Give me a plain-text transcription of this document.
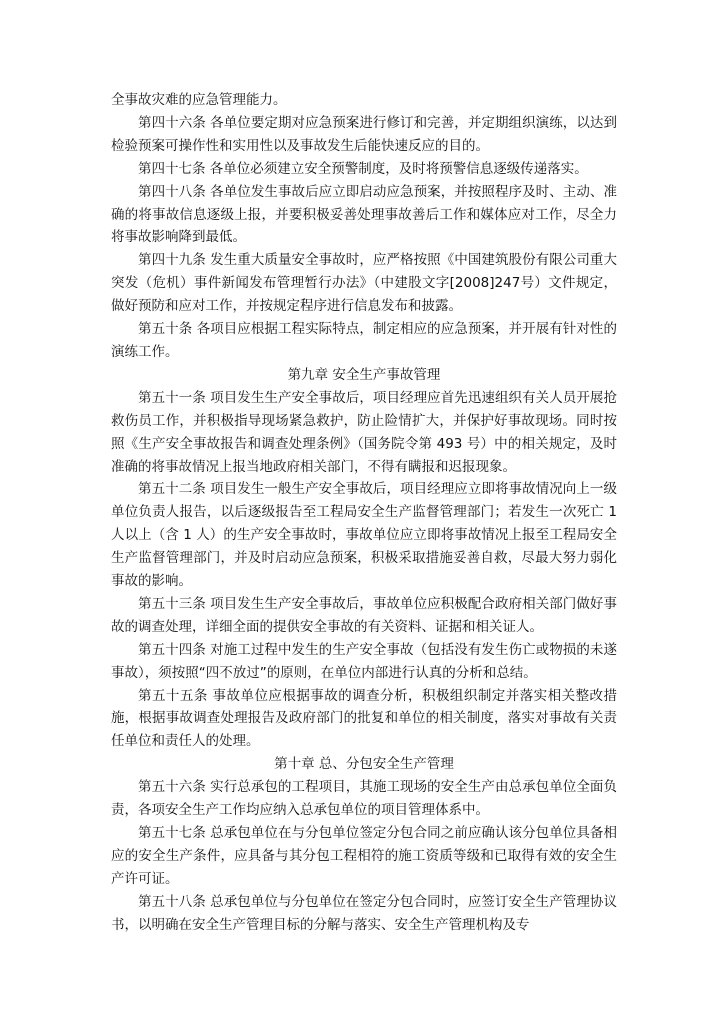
全事故灾难的应急管理能力。

第四十六条 各单位要定期对应急预案进行修订和完善，并定期组织演练，以达到检验预案可操作性和实用性以及事故发生后能快速反应的目的。

第四十七条 各单位必须建立安全预警制度，及时将预警信息逐级传递落实。

第四十八条 各单位发生事故后应立即启动应急预案，并按照程序及时、主动、准确的将事故信息逐级上报，并要积极妥善处理事故善后工作和媒体应对工作，尽全力将事故影响降到最低。

第四十九条 发生重大质量安全事故时，应严格按照《中国建筑股份有限公司重大突发（危机）事件新闻发布管理暂行办法》（中建股文字[2008]247号）文件规定，做好预防和应对工作，并按规定程序进行信息发布和披露。

第五十条 各项目应根据工程实际特点，制定相应的应急预案，并开展有针对性的演练工作。

第九章 安全生产事故管理

第五十一条 项目发生生产安全事故后，项目经理应首先迅速组织有关人员开展抢救伤员工作，并积极指导现场紧急救护，防止险情扩大，并保护好事故现场。同时按照《生产安全事故报告和调查处理条例》（国务院令第 493 号）中的相关规定，及时准确的将事故情况上报当地政府相关部门，不得有瞒报和迟报现象。

第五十二条 项目发生一般生产安全事故后，项目经理应立即将事故情况向上一级单位负责人报告，以后逐级报告至工程局安全生产监督管理部门；若发生一次死亡 1 人以上（含 1 人）的生产安全事故时，事故单位应立即将事故情况上报至工程局安全生产监督管理部门，并及时启动应急预案，积极采取措施妥善自救，尽最大努力弱化事故的影响。

第五十三条 项目发生生产安全事故后，事故单位应积极配合政府相关部门做好事故的调查处理，详细全面的提供安全事故的有关资料、证据和相关证人。

第五十四条 对施工过程中发生的生产安全事故（包括没有发生伤亡或物损的未遂事故），须按照“四不放过”的原则，在单位内部进行认真的分析和总结。

第五十五条 事故单位应根据事故的调查分析，积极组织制定并落实相关整改措施，根据事故调查处理报告及政府部门的批复和单位的相关制度，落实对事故有关责任单位和责任人的处理。

第十章 总、分包安全生产管理

第五十六条 实行总承包的工程项目，其施工现场的安全生产由总承包单位全面负责，各项安全生产工作均应纳入总承包单位的项目管理体系中。

第五十七条 总承包单位在与分包单位签定分包合同之前应确认该分包单位具备相应的安全生产条件，应具备与其分包工程相符的施工资质等级和已取得有效的安全生产许可证。

第五十八条 总承包单位与分包单位在签定分包合同时，应签订安全生产管理协议书，以明确在安全生产管理目标的分解与落实、安全生产管理机构及专
